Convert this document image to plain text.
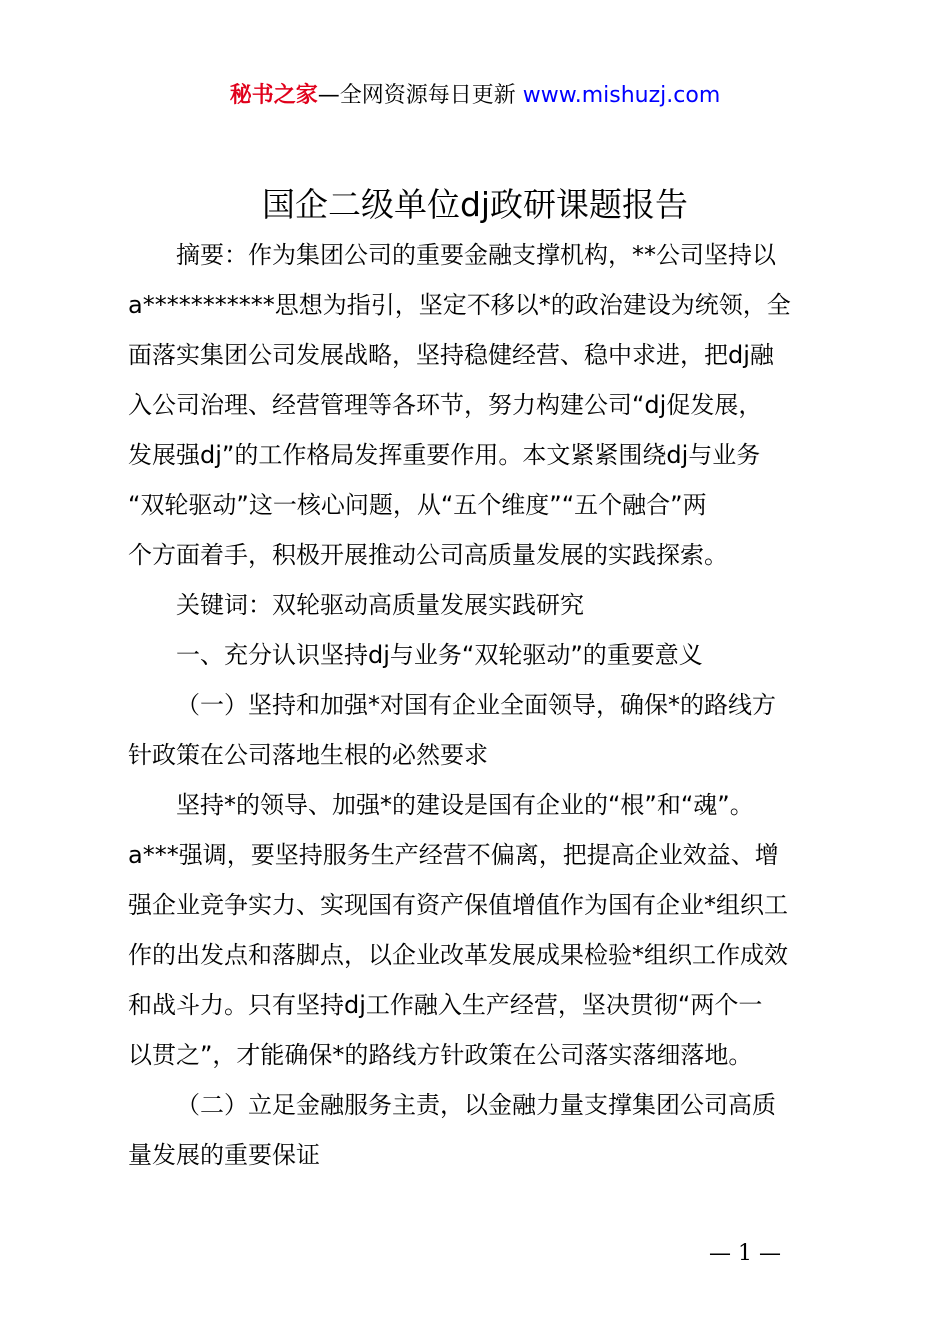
秘书之家—全网资源每日更新 www.mishuzj.com
国企二级单位dj政研课题报告
摘要：作为集团公司的重要金融支撑机构，**公司坚持以
a***********思想为指引，坚定不移以*的政治建设为统领，全
面落实集团公司发展战略，坚持稳健经营、稳中求进，把dj融
入公司治理、经营管理等各环节，努力构建公司“dj促发展，
发展强dj”的工作格局发挥重要作用。本文紧紧围绕dj与业务
“双轮驱动”这一核心问题，从“五个维度”“五个融合”两
个方面着手，积极开展推动公司高质量发展的实践探索。
关键词：双轮驱动高质量发展实践研究
一、充分认识坚持dj与业务“双轮驱动”的重要意义
（一）坚持和加强*对国有企业全面领导，确保*的路线方
针政策在公司落地生根的必然要求
坚持*的领导、加强*的建设是国有企业的“根”和“魂”。
a***强调，要坚持服务生产经营不偏离，把提高企业效益、增
强企业竞争实力、实现国有资产保值增值作为国有企业*组织工
作的出发点和落脚点，以企业改革发展成果检验*组织工作成效
和战斗力。只有坚持dj工作融入生产经营，坚决贯彻“两个一
以贯之”，才能确保*的路线方针政策在公司落实落细落地。
（二）立足金融服务主责，以金融力量支撑集团公司高质
量发展的重要保证
— 1 —
